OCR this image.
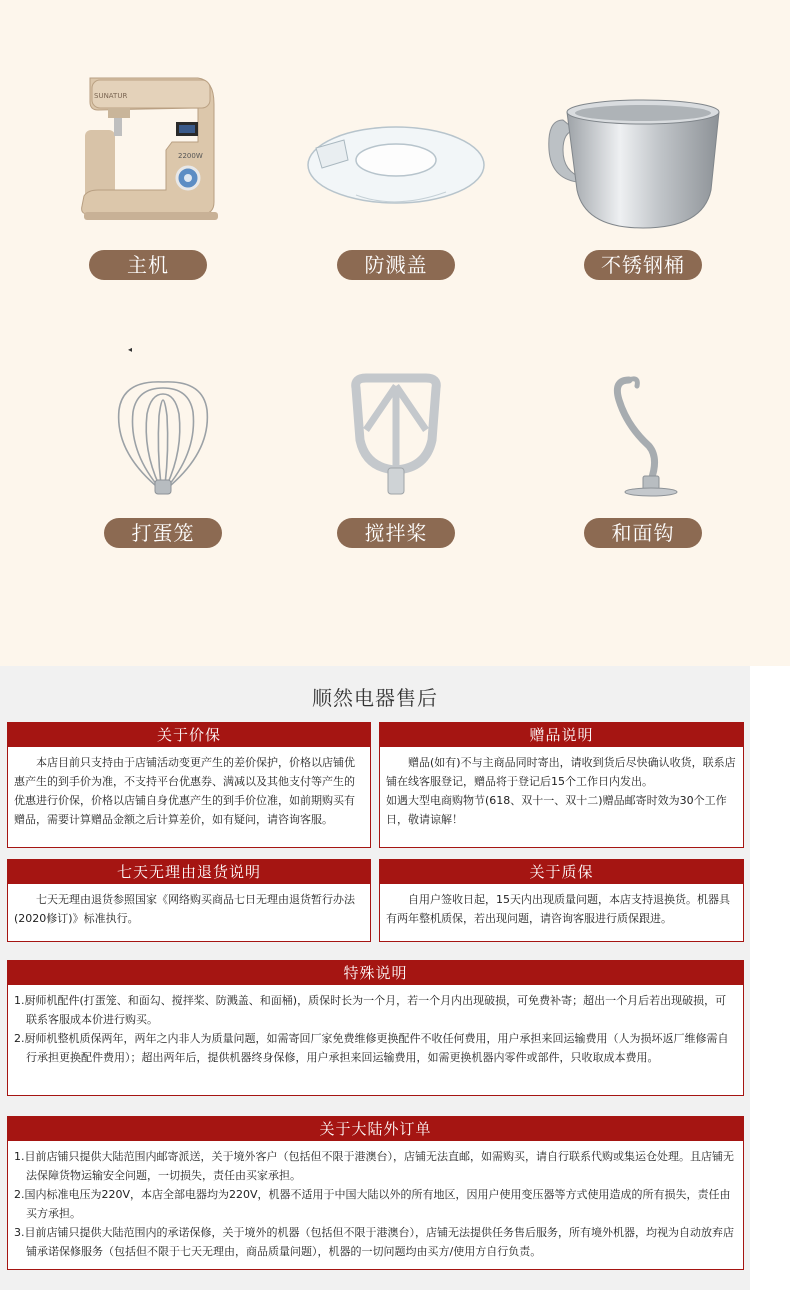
SUNATUR
2200W
主机	防溅盖	不锈钢桶
◂
打蛋笼	搅拌桨	和面钩
顺然电器售后
关于价保

本店目前只支持由于店铺活动变更产生的差价保护，价格以店铺优惠产生的到手价为准，不支持平台优惠券、满减以及其他支付等产生的优惠进行价保，价格以店铺自身优惠产生的到手价位准，如前期购买有赠品，需要计算赠品金额之后计算差价，如有疑问，请咨询客服。

赠品说明

赠品(如有)不与主商品同时寄出，请收到货后尽快确认收货，联系店铺在线客服登记，赠品将于登记后15个工作日内发出。

如遇大型电商购物节(618、双十一、双十二)赠品邮寄时效为30个工作日，敬请谅解！

七天无理由退货说明

七天无理由退货参照国家《网络购买商品七日无理由退货暂行办法(2020修订)》标准执行。

关于质保

自用户签收日起，15天内出现质量问题，本店支持退换货。机器具有两年整机质保，若出现问题，请咨询客服进行质保跟进。

特殊说明

1.厨师机配件(打蛋笼、和面勾、搅拌桨、防溅盖、和面桶)，质保时长为一个月，若一个月内出现破损，可免费补寄；超出一个月后若出现破损，可联系客服成本价进行购买。

2.厨师机整机质保两年，两年之内非人为质量问题，如需寄回厂家免费维修更换配件不收任何费用，用户承担来回运输费用（人为损坏返厂维修需自行承担更换配件费用）；超出两年后，提供机器终身保修，用户承担来回运输费用，如需更换机器内零件或部件，只收取成本费用。

关于大陆外订单

1.目前店铺只提供大陆范围内邮寄派送，关于境外客户（包括但不限于港澳台），店铺无法直邮，如需购买，请自行联系代购或集运仓处理。且店铺无法保障货物运输安全问题，一切损失，责任由买家承担。

2.国内标准电压为220V，本店全部电器均为220V，机器不适用于中国大陆以外的所有地区，因用户使用变压器等方式使用造成的所有损失，责任由买方承担。

3.目前店铺只提供大陆范围内的承诺保修，关于境外的机器（包括但不限于港澳台），店铺无法提供任务售后服务，所有境外机器，均视为自动放弃店铺承诺保修服务（包括但不限于七天无理由，商品质量问题），机器的一切问题均由买方/使用方自行负责。
